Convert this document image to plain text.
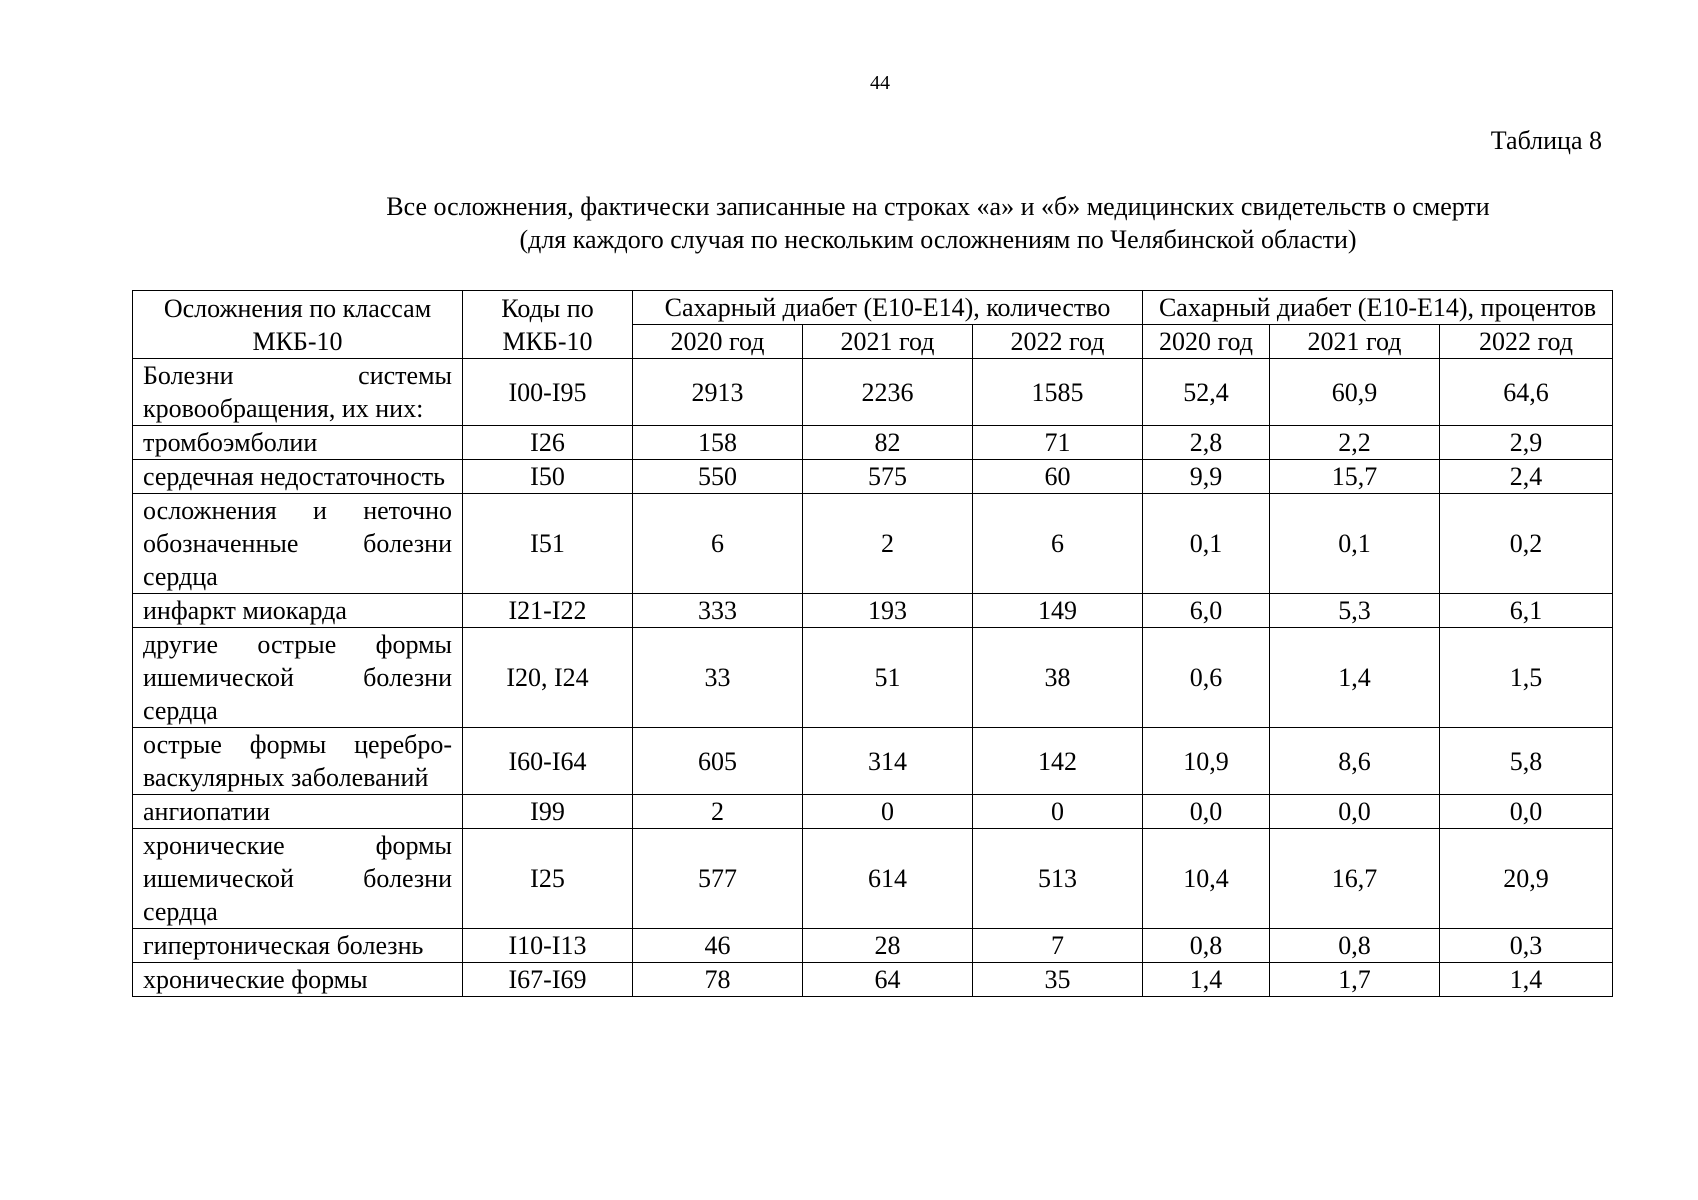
44
Таблица 8
Все осложнения, фактически записанные на строках «а» и «б» медицинских свидетельств о смерти
(для каждого случая по нескольким осложнениям по Челябинской области)
Осложнения по классам МКБ-10	Коды по МКБ-10	Сахарный диабет (Е10-Е14), количество			Сахарный диабет (Е10-Е14), процентов		
		2020 год	2021 год	2022 год	2020 год	2021 год	2022 год
Болезни системы кровообращения, их них:	I00-I95	2913	2236	1585	52,4	60,9	64,6
тромбоэмболии	I26	158	82	71	2,8	2,2	2,9
сердечная недостаточность	I50	550	575	60	9,9	15,7	2,4
осложнения и неточно обозначенные болезни сердца	I51	6	2	6	0,1	0,1	0,2
инфаркт миокарда	I21-I22	333	193	149	6,0	5,3	6,1
другие острые формы ишемической болезни сердца	I20, I24	33	51	38	0,6	1,4	1,5
острые формы церебро-васкулярных заболеваний	I60-I64	605	314	142	10,9	8,6	5,8
ангиопатии	I99	2	0	0	0,0	0,0	0,0
хронические формы ишемической болезни сердца	I25	577	614	513	10,4	16,7	20,9
гипертоническая болезнь	I10-I13	46	28	7	0,8	0,8	0,3
хронические формы	I67-I69	78	64	35	1,4	1,7	1,4
